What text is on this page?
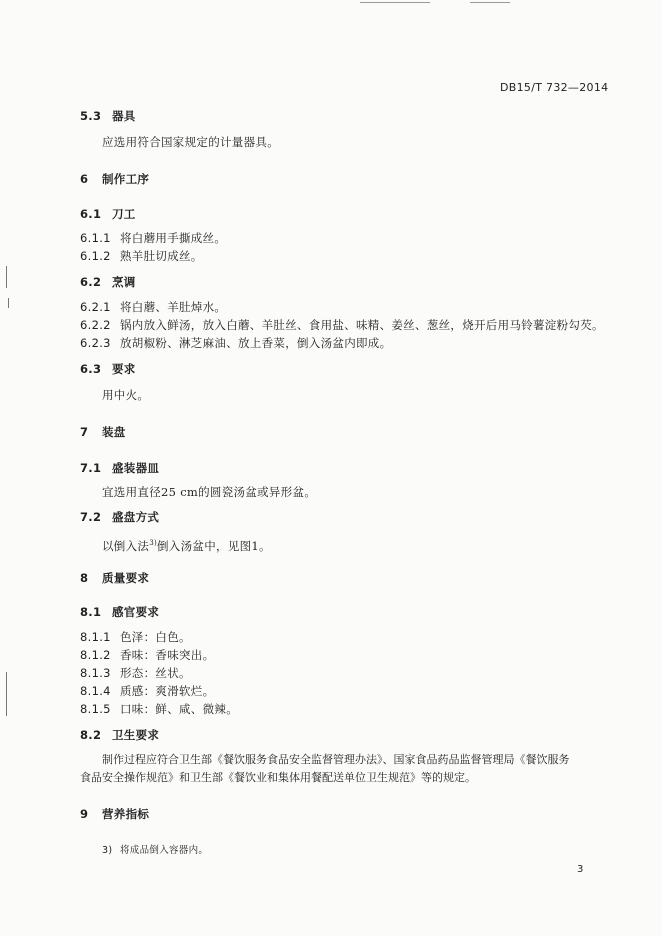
DB15/T 732—2014
5.3 器具
应选用符合国家规定的计量器具。
6 制作工序
6.1 刀工
6.1.1 将白蘑用手撕成丝。
6.1.2 熟羊肚切成丝。
6.2 烹调
6.2.1 将白蘑、羊肚焯水。
6.2.2 锅内放入鲜汤，放入白蘑、羊肚丝、食用盐、味精、姜丝、葱丝，烧开后用马铃薯淀粉勾芡。
6.2.3 放胡椒粉、淋芝麻油、放上香菜，倒入汤盆内即成。
6.3 要求
用中火。
7 装盘
7.1 盛装器皿
宜选用直径25 cm的圆瓷汤盆或异形盆。
7.2 盛盘方式
以倒入法$^{3)}$倒入汤盆中，见图1。
8 质量要求
8.1 感官要求
8.1.1 色泽：白色。
8.1.2 香味：香味突出。
8.1.3 形态：丝状。
8.1.4 质感：爽滑软烂。
8.1.5 口味：鲜、咸、微辣。
8.2 卫生要求
制作过程应符合卫生部《餐饮服务食品安全监督管理办法》、国家食品药品监督管理局《餐饮服务
食品安全操作规范》和卫生部《餐饮业和集体用餐配送单位卫生规范》等的规定。
9 营养指标
3) 将成品倒入容器内。
3
